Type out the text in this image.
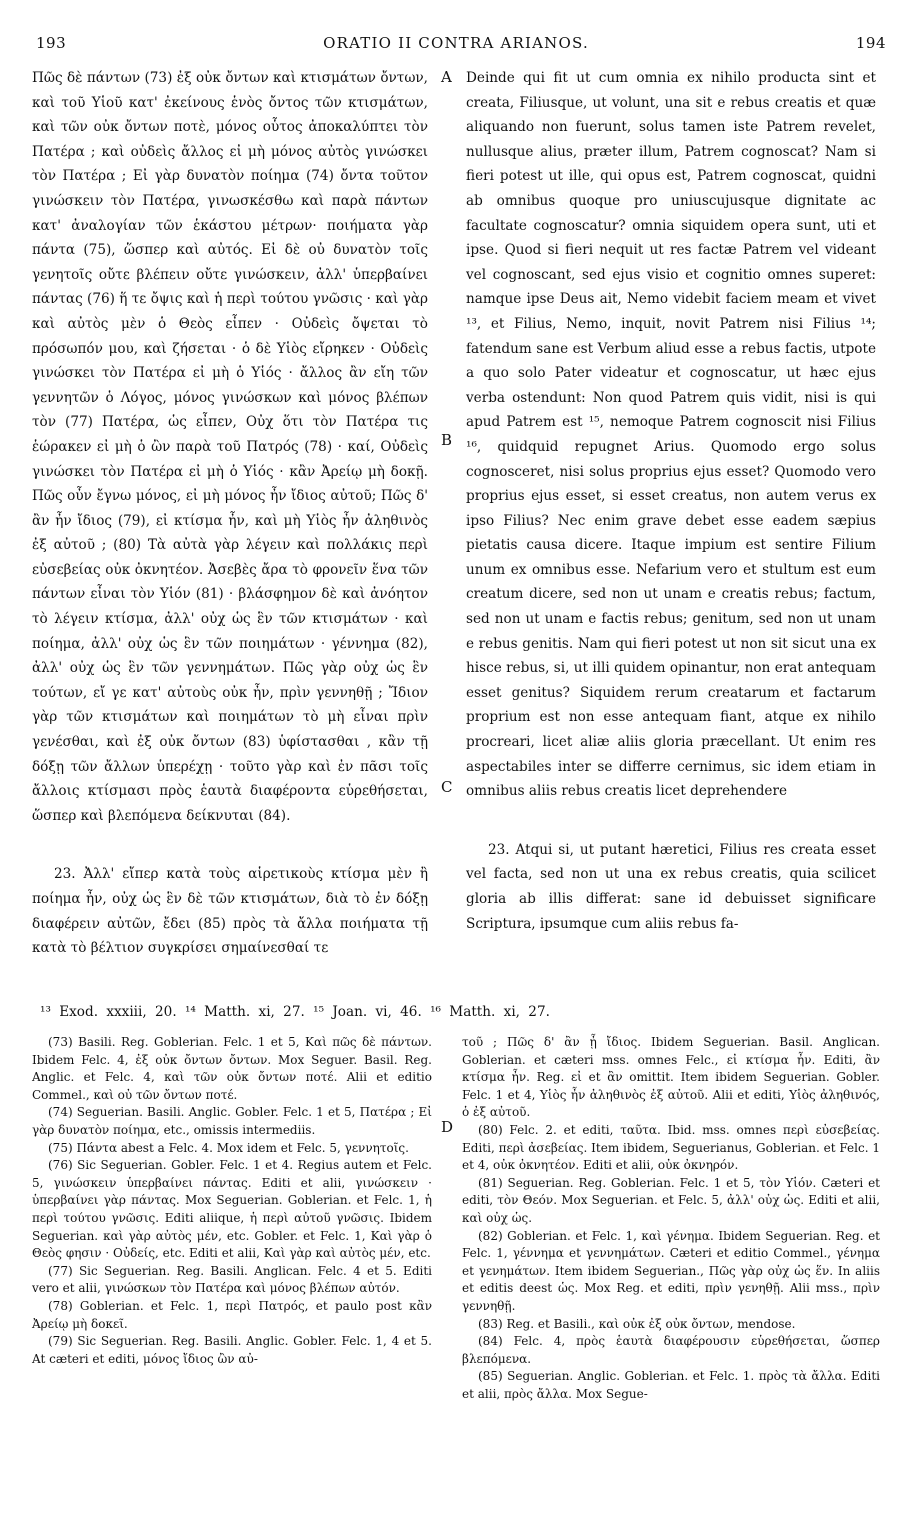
ORATIO II CONTRA ARIANOS.
193	194
A
B
C
D

Πῶς δὲ πάντων (73) ἐξ οὐκ ὄντων καὶ κτισμάτων ὄντων, καὶ τοῦ Υἱοῦ κατ' ἐκείνους ἑνὸς ὄντος τῶν κτισμάτων, καὶ τῶν οὐκ ὄντων ποτὲ, μόνος οὗτος ἀποκαλύπτει τὸν Πατέρα ; καὶ οὐδεὶς ἄλλος εἰ μὴ μόνος αὐτὸς γινώσκει τὸν Πατέρα ; Εἰ γὰρ δυνατὸν ποίημα (74) ὄντα τοῦτον γινώσκειν τὸν Πατέρα, γινωσκέσθω καὶ παρὰ πάντων κατ' ἀναλογίαν τῶν ἑκάστου μέτρων· ποιήματα γὰρ πάντα (75), ὥσπερ καὶ αὐτός. Εἰ δὲ οὐ δυνατὸν τοῖς γενητοῖς οὔτε βλέπειν οὔτε γινώσκειν, ἀλλ' ὑπερβαίνει πάντας (76) ἥ τε ὄψις καὶ ἡ περὶ τούτου γνῶσις · καὶ γὰρ καὶ αὐτὸς μὲν ὁ Θεὸς εἶπεν · Οὐδεὶς ὄψεται τὸ πρόσωπόν μου, καὶ ζήσεται · ὁ δὲ Υἱὸς εἴρηκεν · Οὐδεὶς γινώσκει τὸν Πατέρα εἰ μὴ ὁ Υἱός · ἄλλος ἂν εἴη τῶν γεννητῶν ὁ Λόγος, μόνος γινώσκων καὶ μόνος βλέπων τὸν (77) Πατέρα, ὡς εἶπεν, Οὐχ ὅτι τὸν Πατέρα τις ἑώρακεν εἰ μὴ ὁ ὢν παρὰ τοῦ Πατρός (78) · καί, Οὐδεὶς γινώσκει τὸν Πατέρα εἰ μὴ ὁ Υἱός · κἂν Ἀρείῳ μὴ δοκῇ. Πῶς οὖν ἔγνω μόνος, εἰ μὴ μόνος ἦν ἴδιος αὐτοῦ; Πῶς δ' ἂν ἦν ἴδιος (79), εἰ κτίσμα ἦν, καὶ μὴ Υἱὸς ἦν ἀληθινὸς ἐξ αὐτοῦ ; (80) Τὰ αὐτὰ γὰρ λέγειν καὶ πολλάκις περὶ εὐσεβείας οὐκ ὀκνητέον. Ἀσεβὲς ἄρα τὸ φρονεῖν ἕνα τῶν πάντων εἶναι τὸν Υἱόν (81) · βλάσφημον δὲ καὶ ἀνόητον τὸ λέγειν κτίσμα, ἀλλ' οὐχ ὡς ἓν τῶν κτισμάτων · καὶ ποίημα, ἀλλ' οὐχ ὡς ἓν τῶν ποιημάτων · γέννημα (82), ἀλλ' οὐχ ὡς ἓν τῶν γεννημάτων. Πῶς γὰρ οὐχ ὡς ἓν τούτων, εἴ γε κατ' αὐτοὺς οὐκ ἦν, πρὶν γεννηθῇ ; Ἴδιον γὰρ τῶν κτισμάτων καὶ ποιημάτων τὸ μὴ εἶναι πρὶν γενέσθαι, καὶ ἐξ οὐκ ὄντων (83) ὑφίστασθαι , κἂν τῇ δόξῃ τῶν ἄλλων ὑπερέχῃ · τοῦτο γὰρ καὶ ἐν πᾶσι τοῖς ἄλλοις κτίσμασι πρὸς ἑαυτὰ διαφέροντα εὑρεθήσεται, ὥσπερ καὶ βλεπόμενα δείκνυται (84).

23. Ἀλλ' εἴπερ κατὰ τοὺς αἱρετικοὺς κτίσμα μὲν ἢ ποίημα ἦν, οὐχ ὡς ἓν δὲ τῶν κτισμάτων, διὰ τὸ ἐν δόξῃ διαφέρειν αὐτῶν, ἔδει (85) πρὸς τὰ ἄλλα ποιήματα τῇ κατὰ τὸ βέλτιον συγκρίσει σημαίνεσθαί τε

Deinde qui fit ut cum omnia ex nihilo producta sint et creata, Filiusque, ut volunt, una sit e rebus creatis et quæ aliquando non fuerunt, solus tamen iste Patrem revelet, nullusque alius, præter illum, Patrem cognoscat? Nam si fieri potest ut ille, qui opus est, Patrem cognoscat, quidni ab omnibus quoque pro uniuscujusque dignitate ac facultate cognoscatur? omnia siquidem opera sunt, uti et ipse. Quod si fieri nequit ut res factæ Patrem vel videant vel cognoscant, sed ejus visio et cognitio omnes superet: namque ipse Deus ait, Nemo videbit faciem meam et vivet ¹³, et Filius, Nemo, inquit, novit Patrem nisi Filius ¹⁴; fatendum sane est Verbum aliud esse a rebus factis, utpote a quo solo Pater videatur et cognoscatur, ut hæc ejus verba ostendunt: Non quod Patrem quis vidit, nisi is qui apud Patrem est ¹⁵, nemoque Patrem cognoscit nisi Filius ¹⁶, quidquid repugnet Arius. Quomodo ergo solus cognosceret, nisi solus proprius ejus esset? Quomodo vero proprius ejus esset, si esset creatus, non autem verus ex ipso Filius? Nec enim grave debet esse eadem sæpius pietatis causa dicere. Itaque impium est sentire Filium unum ex omnibus esse. Nefarium vero et stultum est eum creatum dicere, sed non ut unam e creatis rebus; factum, sed non ut unam e factis rebus; genitum, sed non ut unam e rebus genitis. Nam qui fieri potest ut non sit sicut una ex hisce rebus, si, ut illi quidem opinantur, non erat antequam esset genitus? Siquidem rerum creatarum et factarum proprium est non esse antequam fiant, atque ex nihilo procreari, licet aliæ aliis gloria præcellant. Ut enim res aspectabiles inter se differre cernimus, sic idem etiam in omnibus aliis rebus creatis licet deprehendere

23. Atqui si, ut putant hæretici, Filius res creata esset vel facta, sed non ut una ex rebus creatis, quia scilicet gloria ab illis differat: sane id debuisset significare Scriptura, ipsumque cum aliis rebus fa-

¹³ Exod. xxxiii, 20. ¹⁴ Matth. xi, 27. ¹⁵ Joan. vi, 46. ¹⁶ Matth. xi, 27.

(73) Basili. Reg. Goblerian. Felc. 1 et 5, Καὶ πῶς δὲ πάντων. Ibidem Felc. 4, ἐξ οὐκ ὄντων ὄντων. Mox Seguer. Basil. Reg. Anglic. et Felc. 4, καὶ τῶν οὐκ ὄντων ποτέ. Alii et editio Commel., καὶ οὐ τῶν ὄντων ποτέ.

(74) Seguerian. Basili. Anglic. Gobler. Felc. 1 et 5, Πατέρα ; Εἰ γὰρ δυνατὸν ποίημα, etc., omissis intermediis.

(75) Πάντα abest a Felc. 4. Mox idem et Felc. 5, γεννητοῖς.

(76) Sic Seguerian. Gobler. Felc. 1 et 4. Regius autem et Felc. 5, γινώσκειν ὑπερβαίνει πάντας. Editi et alii, γινώσκειν · ὑπερβαίνει γὰρ πάντας. Mox Seguerian. Goblerian. et Felc. 1, ἡ περὶ τούτου γνῶσις. Editi aliique, ἡ περὶ αὐτοῦ γνῶσις. Ibidem Seguerian. καὶ γὰρ αὐτὸς μέν, etc. Gobler. et Felc. 1, Καὶ γὰρ ὁ Θεὸς φησιν · Οὐδείς, etc. Editi et alii, Καὶ γὰρ καὶ αὐτὸς μέν, etc.

(77) Sic Seguerian. Reg. Basili. Anglican. Felc. 4 et 5. Editi vero et alii, γινώσκων τὸν Πατέρα καὶ μόνος βλέπων αὐτόν.

(78) Goblerian. et Felc. 1, περὶ Πατρός, et paulo post κἂν Ἀρείῳ μὴ δοκεῖ.

(79) Sic Seguerian. Reg. Basili. Anglic. Gobler. Felc. 1, 4 et 5. At cæteri et editi, μόνος ἴδιος ὢν αὐ-

τοῦ ; Πῶς δ' ἂν ᾖ ἴδιος. Ibidem Seguerian. Basil. Anglican. Goblerian. et cæteri mss. omnes Felc., εἰ κτίσμα ἦν. Editi, ἂν κτίσμα ἦν. Reg. εἰ et ἂν omittit. Item ibidem Seguerian. Gobler. Felc. 1 et 4, Υἱὸς ἦν ἀληθινὸς ἐξ αὐτοῦ. Alii et editi, Υἱὸς ἀληθινός, ὁ ἐξ αὐτοῦ.

(80) Felc. 2. et editi, ταῦτα. Ibid. mss. omnes περὶ εὐσεβείας. Editi, περὶ ἀσεβείας. Item ibidem, Seguerianus, Goblerian. et Felc. 1 et 4, οὐκ ὀκνητέον. Editi et alii, οὐκ ὀκνηρόν.

(81) Seguerian. Reg. Goblerian. Felc. 1 et 5, τὸν Υἱόν. Cæteri et editi, τὸν Θεόν. Mox Seguerian. et Felc. 5, ἀλλ' οὐχ ὡς. Editi et alii, καὶ οὐχ ὡς.

(82) Goblerian. et Felc. 1, καὶ γένημα. Ibidem Seguerian. Reg. et Felc. 1, γέννημα et γεννημάτων. Cæteri et editio Commel., γένημα et γενημάτων. Item ibidem Seguerian., Πῶς γὰρ οὐχ ὡς ἕν. In aliis et editis deest ὡς. Mox Reg. et editi, πρὶν γενηθῇ. Alii mss., πρὶν γεννηθῇ.

(83) Reg. et Basili., καὶ οὐκ ἐξ οὐκ ὄντων, mendose.

(84) Felc. 4, πρὸς ἑαυτὰ διαφέρουσιν εὑρεθήσεται, ὥσπερ βλεπόμενα.

(85) Seguerian. Anglic. Goblerian. et Felc. 1. πρὸς τὰ ἄλλα. Editi et alii, πρὸς ἄλλα. Mox Segue-
